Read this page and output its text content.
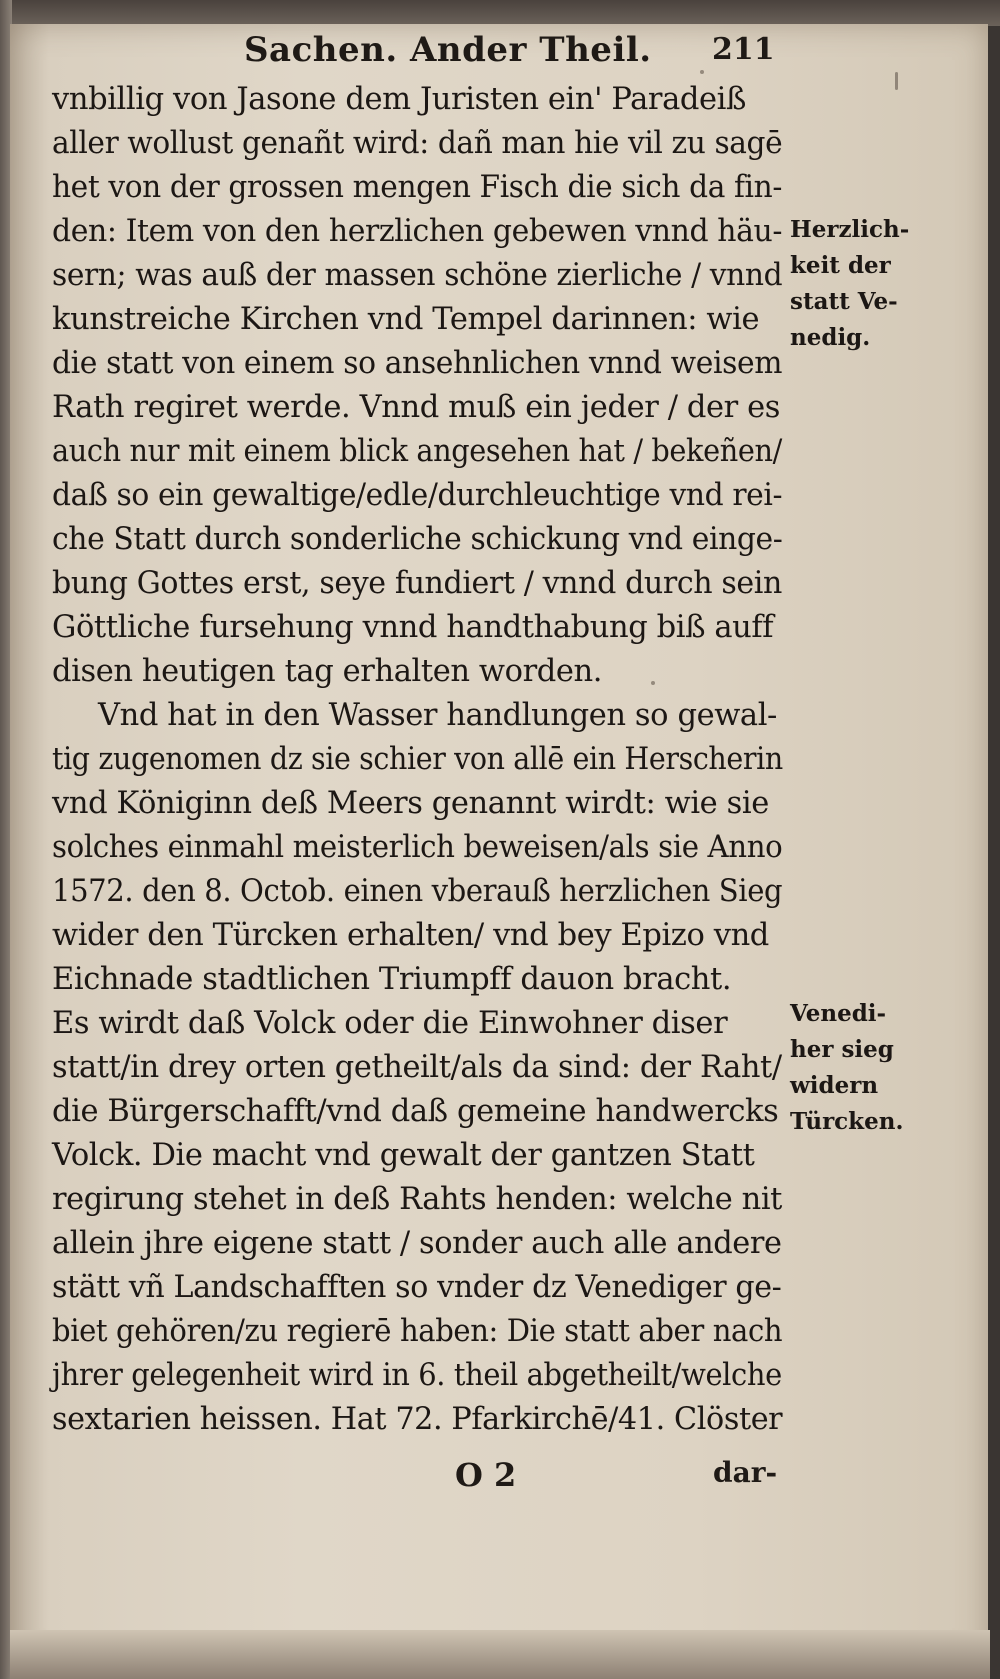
Sachen. Ander Theil. 211
vnbillig von Jasone dem Juristen ein' Paradeiß
aller wollust genañt wird: dañ man hie vil zu sagē
het von der grossen mengen Fisch die sich da fin-
den: Item von den herzlichen gebewen vnnd häu-
sern; was auß der massen schöne zierliche / vnnd
kunstreiche Kirchen vnd Tempel darinnen: wie
die statt von einem so ansehnlichen vnnd weisem
Rath regiret werde. Vnnd muß ein jeder / der es
auch nur mit einem blick angesehen hat / bekeñen/
daß so ein gewaltige/edle/durchleuchtige vnd rei-
che Statt durch sonderliche schickung vnd einge-
bung Gottes erst, seye fundiert / vnnd durch sein
Göttliche fursehung vnnd handthabung biß auff
disen heutigen tag erhalten worden.
Vnd hat in den Wasser handlungen so gewal-
tig zugenomen dz sie schier von allē ein Herscherin
vnd Königinn deß Meers genannt wirdt: wie sie
solches einmahl meisterlich beweisen/als sie Anno
1572. den 8. Octob. einen vberauß herzlichen Sieg
wider den Türcken erhalten/ vnd bey Epizo vnd
Eichnade stadtlichen Triumpff dauon bracht.
Es wirdt daß Volck oder die Einwohner diser
statt/in drey orten getheilt/als da sind: der Raht/
die Bürgerschafft/vnd daß gemeine handwercks
Volck. Die macht vnd gewalt der gantzen Statt
regirung stehet in deß Rahts henden: welche nit
allein jhre eigene statt / sonder auch alle andere
stätt vñ Landschafften so vnder dz Venediger ge-
biet gehören/zu regierē haben: Die statt aber nach
jhrer gelegenheit wird in 6. theil abgetheilt/welche
sextarien heissen. Hat 72. Pfarkirchē/41. Clöster
Herzlich-
keit der
statt Ve-
nedig.
Venedi-
her sieg
widern
Türcken.
O 2	dar-
